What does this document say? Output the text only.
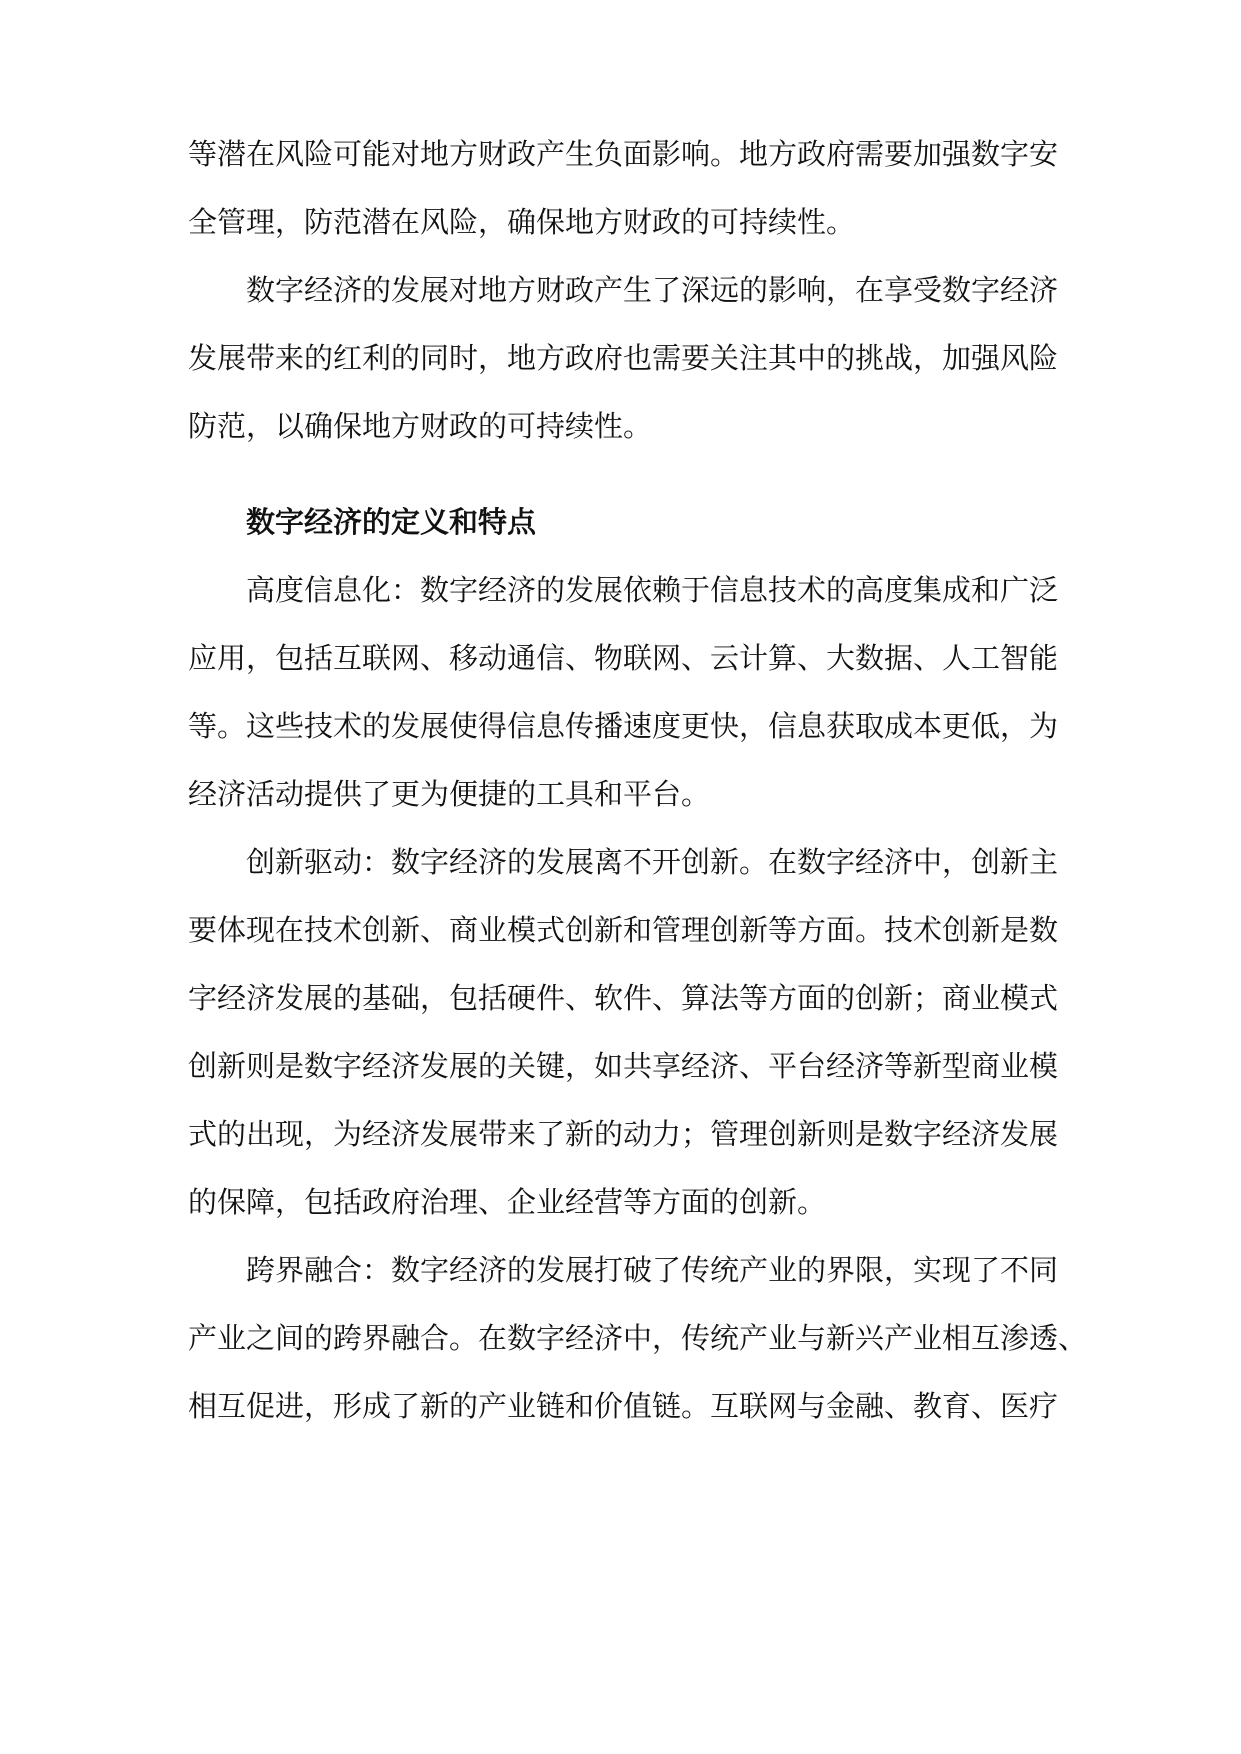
等潜在风险可能对地方财政产生负面影响。地方政府需要加强数字安
全管理，防范潜在风险，确保地方财政的可持续性。
数字经济的发展对地方财政产生了深远的影响，在享受数字经济
发展带来的红利的同时，地方政府也需要关注其中的挑战，加强风险
防范，以确保地方财政的可持续性。
数字经济的定义和特点
高度信息化：数字经济的发展依赖于信息技术的高度集成和广泛
应用，包括互联网、移动通信、物联网、云计算、大数据、人工智能
等。这些技术的发展使得信息传播速度更快，信息获取成本更低，为
经济活动提供了更为便捷的工具和平台。
创新驱动：数字经济的发展离不开创新。在数字经济中，创新主
要体现在技术创新、商业模式创新和管理创新等方面。技术创新是数
字经济发展的基础，包括硬件、软件、算法等方面的创新；商业模式
创新则是数字经济发展的关键，如共享经济、平台经济等新型商业模
式的出现，为经济发展带来了新的动力；管理创新则是数字经济发展
的保障，包括政府治理、企业经营等方面的创新。
跨界融合：数字经济的发展打破了传统产业的界限，实现了不同
产业之间的跨界融合。在数字经济中，传统产业与新兴产业相互渗透、
相互促进，形成了新的产业链和价值链。互联网与金融、教育、医疗
